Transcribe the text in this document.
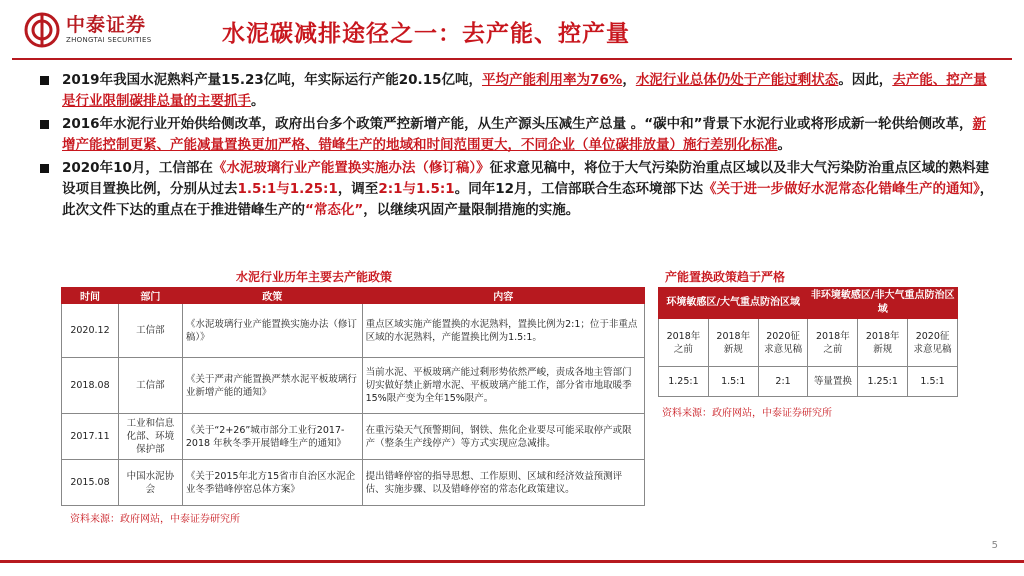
中泰证券
ZHONGTAI SECURITIES	水泥碳减排途径之一：去产能、控产量
2019年我国水泥熟料产量15.23亿吨，年实际运行产能20.15亿吨，平均产能利用率为76%，水泥行业总体仍处于产能过剩状态。因此，去产能、控产量是行业限制碳排总量的主要抓手。
2016年水泥行业开始供给侧改革，政府出台多个政策严控新增产能，从生产源头压减生产总量 。“碳中和”背景下水泥行业或将形成新一轮供给侧改革，新增产能控制更紧、产能减量置换更加严格、错峰生产的地域和时间范围更大，不同企业（单位碳排放量）施行差别化标准。
2020年10月，工信部在《水泥玻璃行业产能置换实施办法（修订稿）》征求意见稿中，将位于大气污染防治重点区域以及非大气污染防治重点区域的熟料建设项目置换比例，分别从过去1.5:1与1.25:1，调至2:1与1.5:1。同年12月，工信部联合生态环境部下达《关于进一步做好水泥常态化错峰生产的通知》，此次文件下达的重点在于推进错峰生产的“常态化”，以继续巩固产量限制措施的实施。
水泥行业历年主要去产能政策
时间	部门	政策	内容
2020.12	工信部	《水泥玻璃行业产能置换实施办法（修订稿）》	重点区域实施产能置换的水泥熟料，置换比例为2:1；位于非重点区域的水泥熟料，产能置换比例为1.5:1。
2018.08	工信部	《关于严肃产能置换严禁水泥平板玻璃行业新增产能的通知》	当前水泥、平板玻璃产能过剩形势依然严峻，责成各地主管部门切实做好禁止新增水泥、平板玻璃产能工作，部分省市地取暖季15%限产变为全年15%限产。
2017.11	工业和信息化部、环境保护部	《关于“2+26”城市部分工业行2017-2018 年秋冬季开展错峰生产的通知》	在重污染天气预警期间，钢铁、焦化企业要尽可能采取停产或限产（整条生产线停产）等方式实现应急减排。
2015.08	中国水泥协会	《关于2015年北方15省市自治区水泥企业冬季错峰停窑总体方案》	提出错峰停窑的指导思想、工作原则、区域和经济效益预测评估、实施步骤、以及错峰停窑的常态化政策建议。
资料来源：政府网站，中泰证券研究所
产能置换政策趋于严格
环境敏感区/大气重点防治区域			非环境敏感区/非大气重点防治区域		
2018年之前	2018年新规	2020征求意见稿	2018年之前	2018年新规	2020征求意见稿
1.25:1	1.5:1	2:1	等量置换	1.25:1	1.5:1
资料来源：政府网站，中泰证券研究所
5
